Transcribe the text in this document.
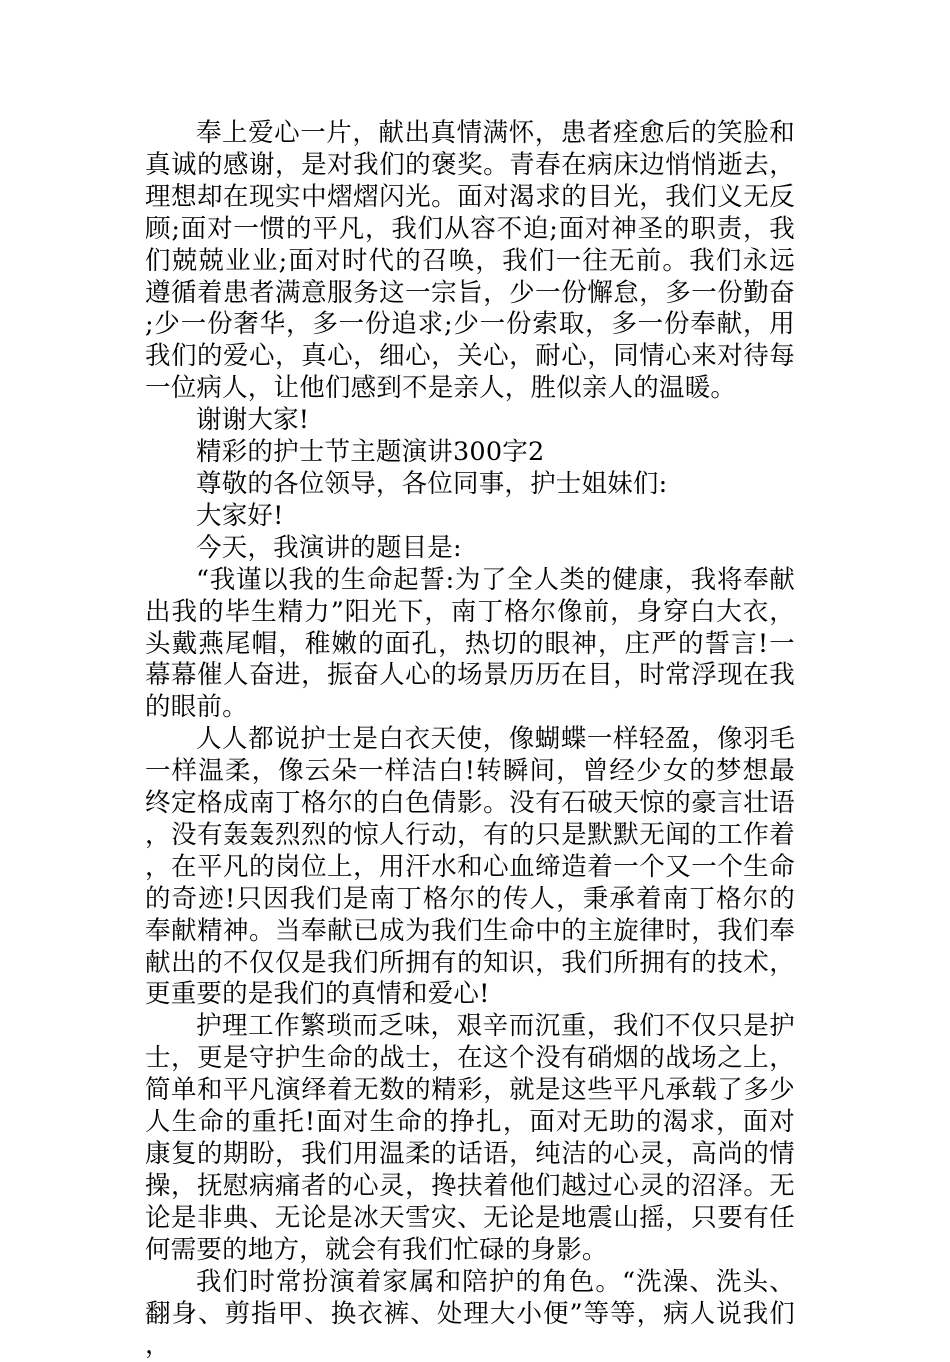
奉上爱心一片，献出真情满怀，患者痊愈后的笑脸和真诚的感谢，是对我们的褒奖。青春在病床边悄悄逝去，理想却在现实中熠熠闪光。面对渴求的目光，我们义无反顾;面对一惯的平凡，我们从容不迫;面对神圣的职责，我们兢兢业业;面对时代的召唤，我们一往无前。我们永远遵循着患者满意服务这一宗旨，少一份懈怠，多一份勤奋;少一份奢华，多一份追求;少一份索取，多一份奉献，用我们的爱心，真心，细心，关心，耐心，同情心来对待每一位病人，让他们感到不是亲人，胜似亲人的温暖。

谢谢大家!

精彩的护士节主题演讲300字2

尊敬的各位领导，各位同事，护士姐妹们:

大家好!

今天，我演讲的题目是:

“我谨以我的生命起誓:为了全人类的健康，我将奉献出我的毕生精力”阳光下，南丁格尔像前，身穿白大衣，头戴燕尾帽，稚嫩的面孔，热切的眼神，庄严的誓言!一幕幕催人奋进，振奋人心的场景历历在目，时常浮现在我的眼前。

人人都说护士是白衣天使，像蝴蝶一样轻盈，像羽毛一样温柔，像云朵一样洁白!转瞬间，曾经少女的梦想最终定格成南丁格尔的白色倩影。没有石破天惊的豪言壮语，没有轰轰烈烈的惊人行动，有的只是默默无闻的工作着，在平凡的岗位上，用汗水和心血缔造着一个又一个生命的奇迹!只因我们是南丁格尔的传人，秉承着南丁格尔的奉献精神。当奉献已成为我们生命中的主旋律时，我们奉献出的不仅仅是我们所拥有的知识，我们所拥有的技术，更重要的是我们的真情和爱心!

护理工作繁琐而乏味，艰辛而沉重，我们不仅只是护士，更是守护生命的战士，在这个没有硝烟的战场之上，简单和平凡演绎着无数的精彩，就是这些平凡承载了多少人生命的重托!面对生命的挣扎，面对无助的渴求，面对康复的期盼，我们用温柔的话语，纯洁的心灵，高尚的情操，抚慰病痛者的心灵，搀扶着他们越过心灵的沼泽。无论是非典、无论是冰天雪灾、无论是地震山摇，只要有任何需要的地方，就会有我们忙碌的身影。

我们时常扮演着家属和陪护的角色。“洗澡、洗头、翻身、剪指甲、换衣裤、处理大小便”等等，病人说我们，
